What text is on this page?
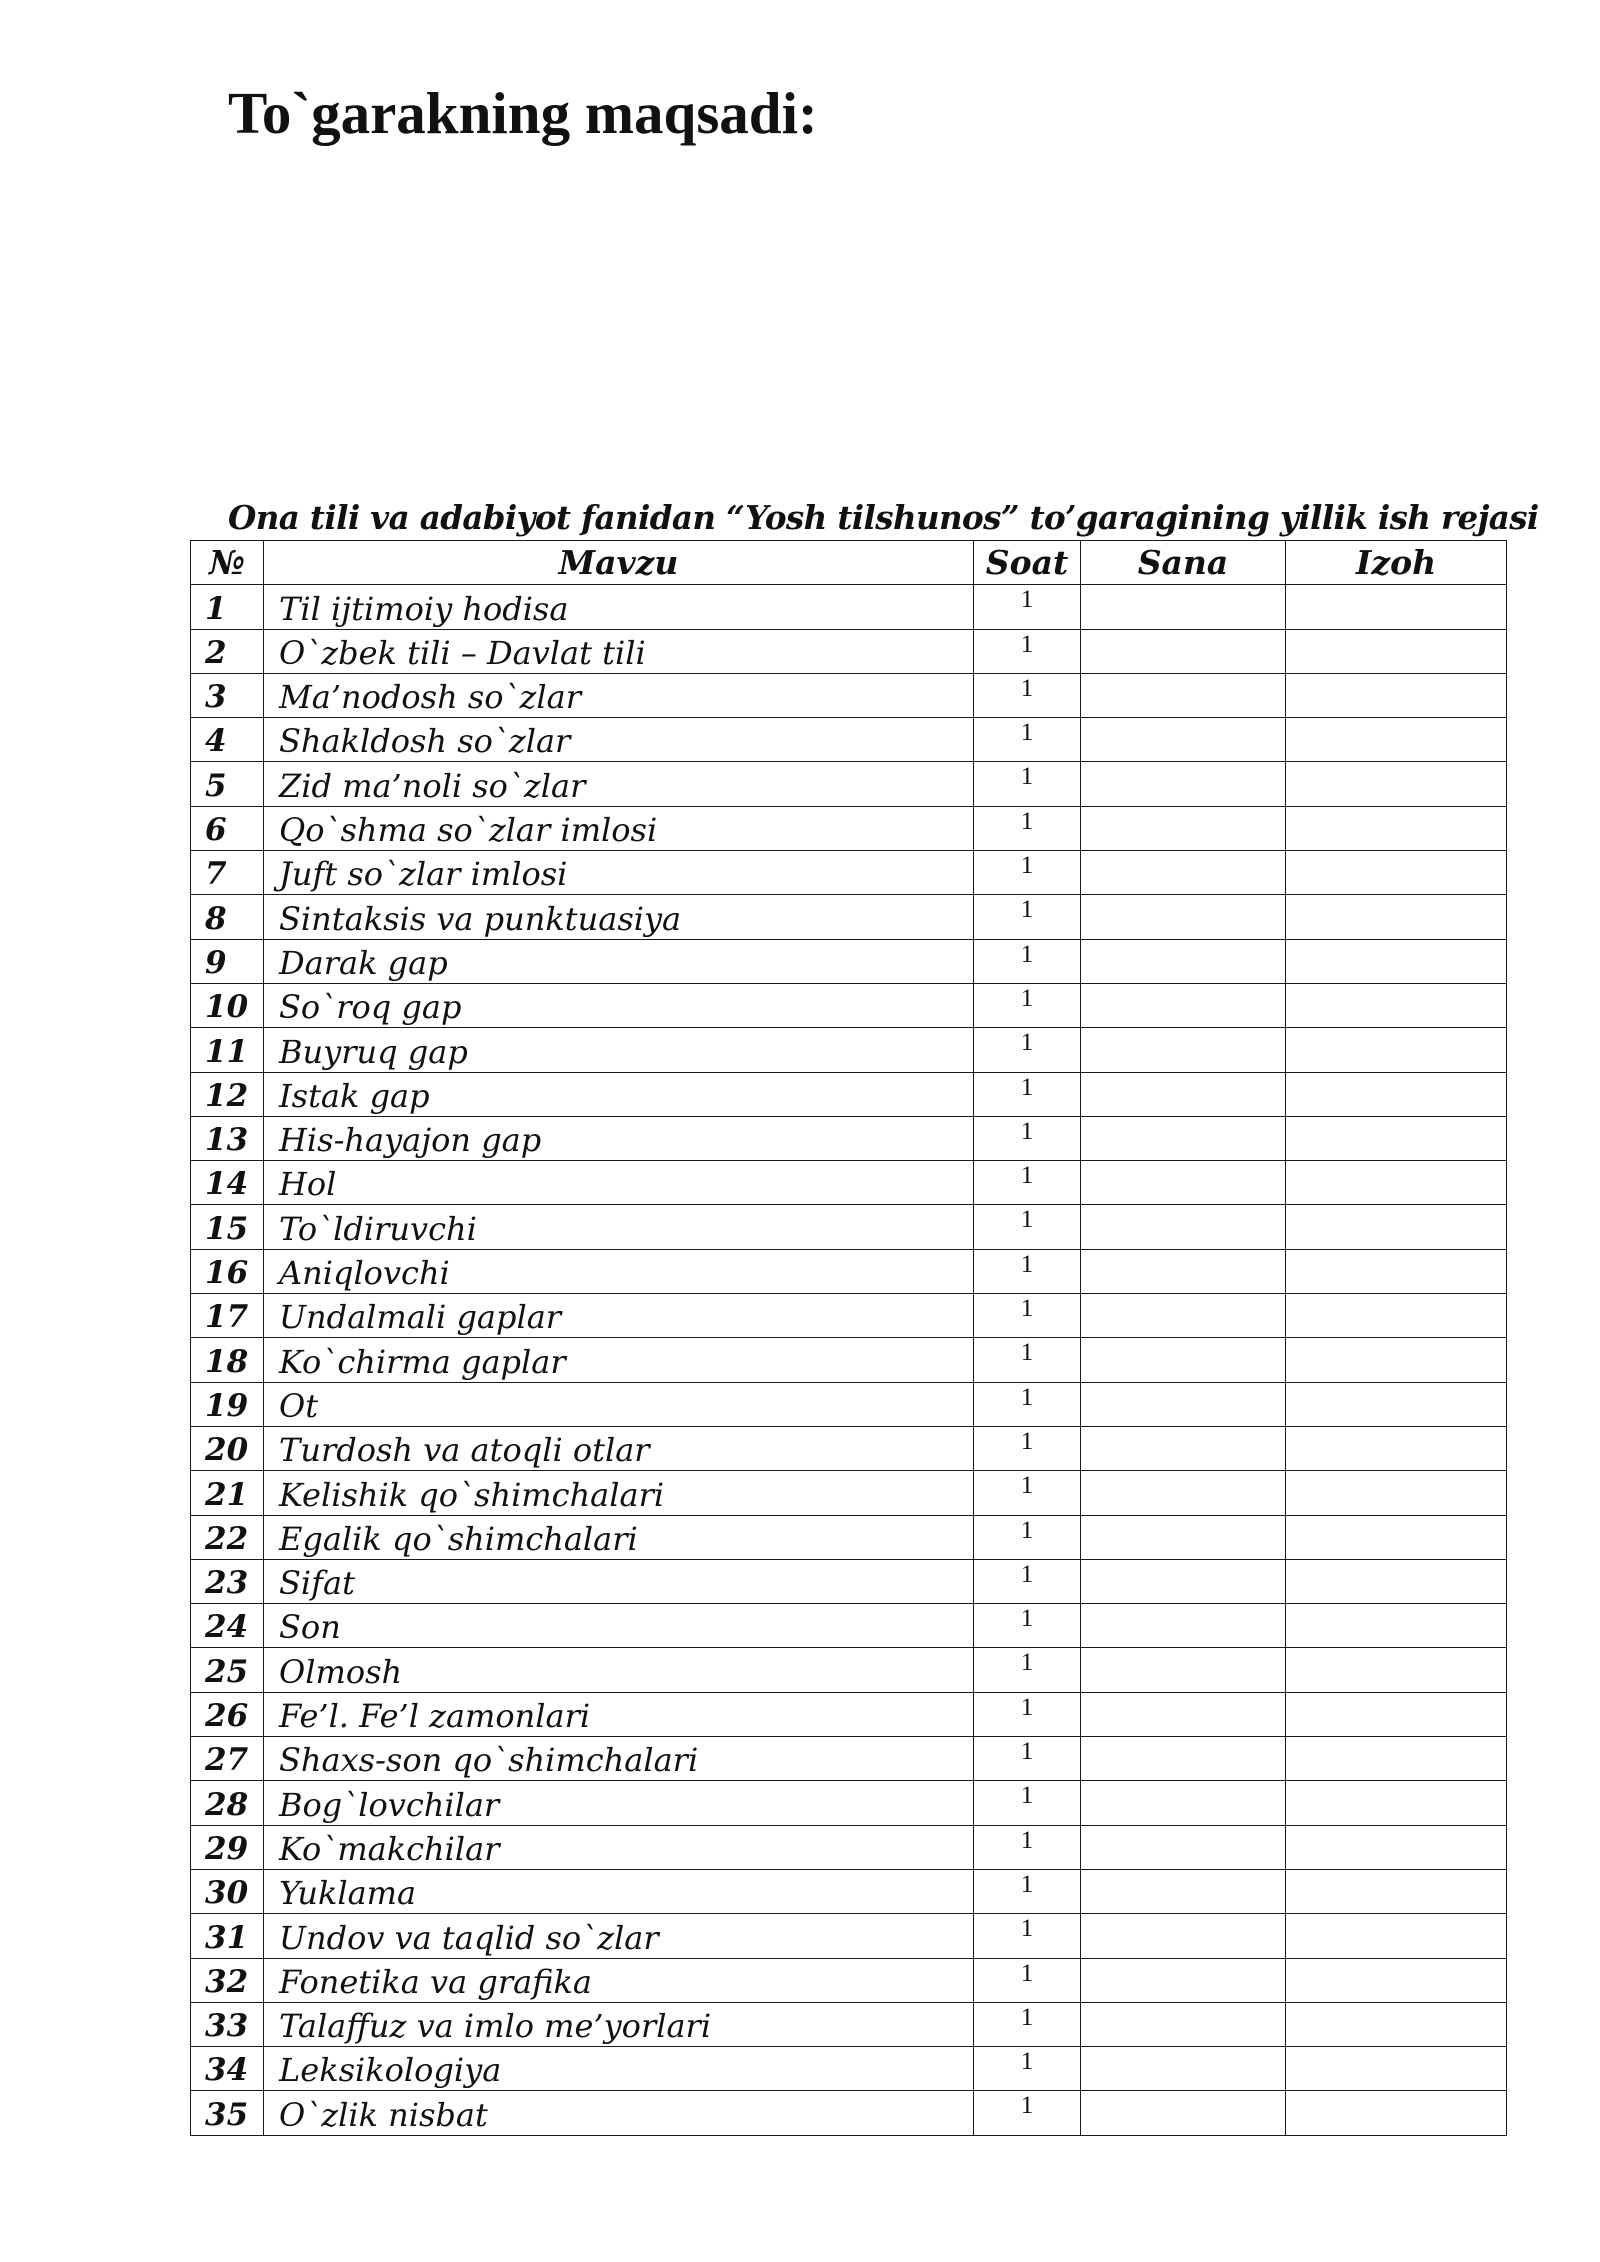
To`garakning maqsadi:

Ona tili va adabiyot fanidan “Yosh tilshunos” to’garagining yillik ish rejasi

№	Mavzu	Soat	Sana	Izoh
1	Til ijtimoiy hodisa	1		
2	O`zbek tili – Davlat tili	1		
3	Ma’nodosh so`zlar	1		
4	Shakldosh so`zlar	1		
5	Zid ma’noli so`zlar	1		
6	Qo`shma so`zlar imlosi	1		
7	Juft so`zlar imlosi	1		
8	Sintaksis va punktuasiya	1		
9	Darak gap	1		
10	So`roq gap	1		
11	Buyruq gap	1		
12	Istak gap	1		
13	His-hayajon gap	1		
14	Hol	1		
15	To`ldiruvchi	1		
16	Aniqlovchi	1		
17	Undalmali gaplar	1		
18	Ko`chirma gaplar	1		
19	Ot	1		
20	Turdosh va atoqli otlar	1		
21	Kelishik qo`shimchalari	1		
22	Egalik qo`shimchalari	1		
23	Sifat	1		
24	Son	1		
25	Olmosh	1		
26	Fe’l. Fe’l zamonlari	1		
27	Shaxs-son qo`shimchalari	1		
28	Bog`lovchilar	1		
29	Ko`makchilar	1		
30	Yuklama	1		
31	Undov va taqlid so`zlar	1		
32	Fonetika va grafika	1		
33	Talaffuz va imlo me’yorlari	1		
34	Leksikologiya	1		
35	O`zlik nisbat	1		
